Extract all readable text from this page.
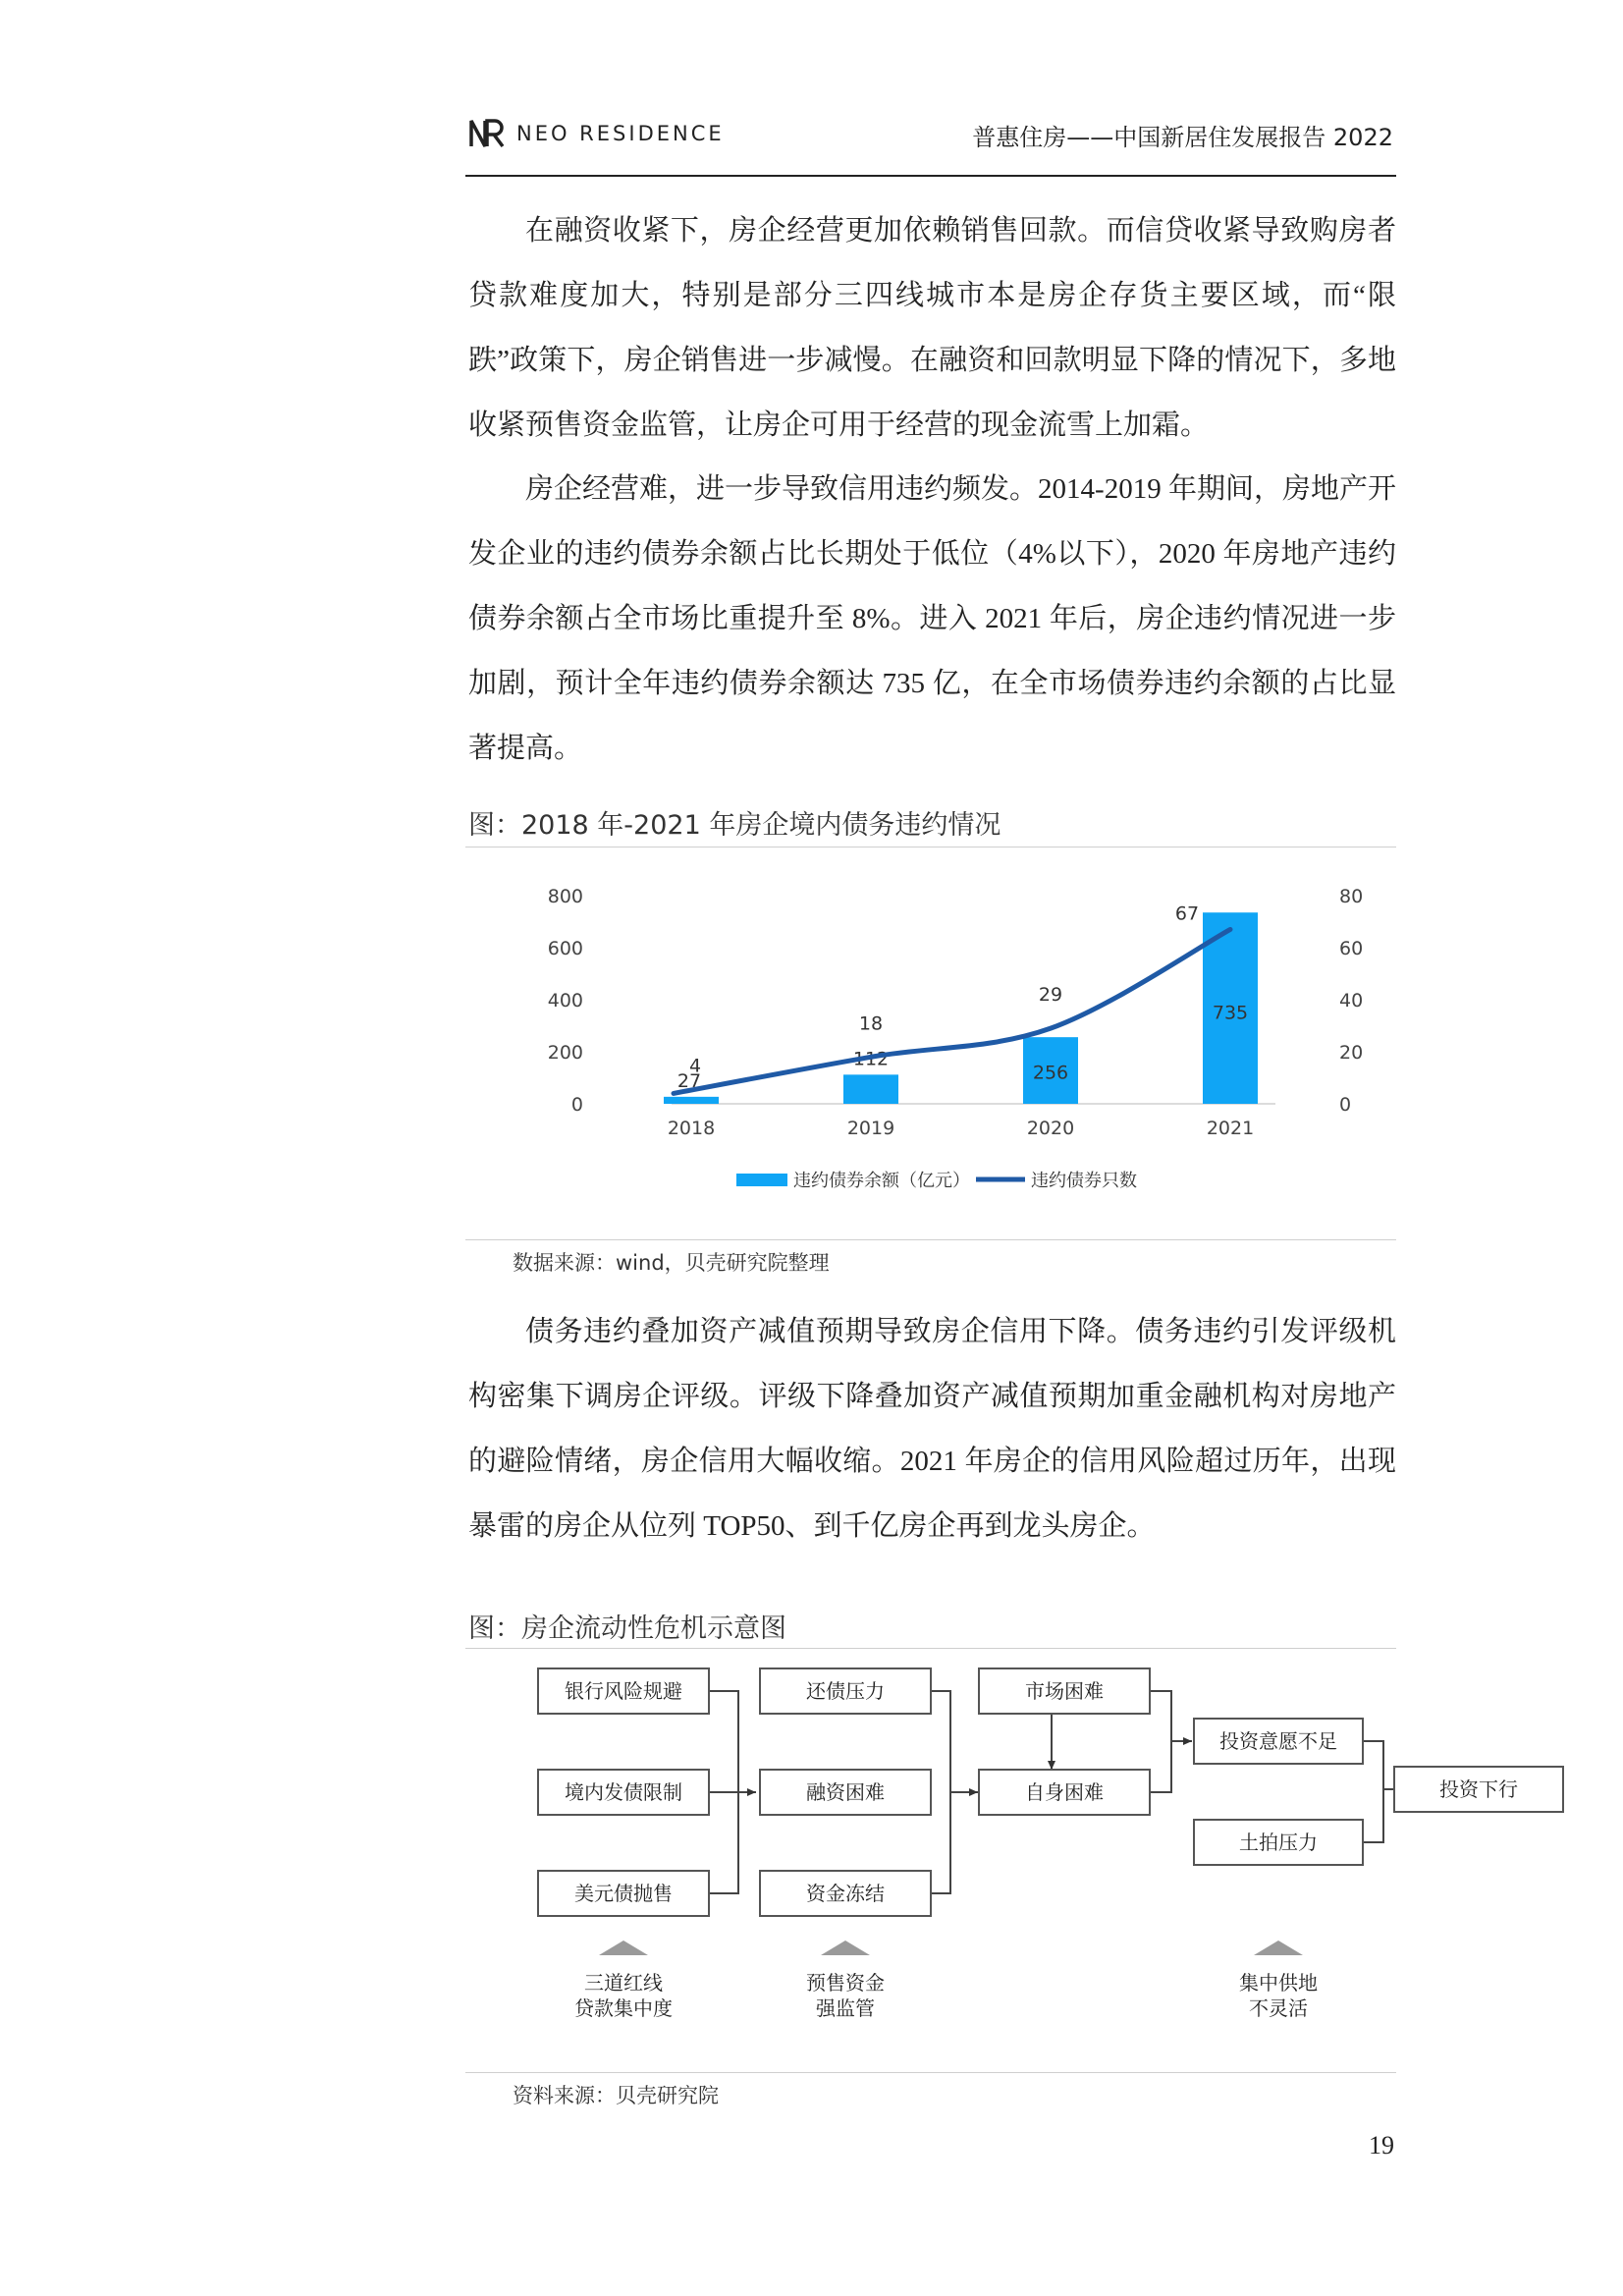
NEO RESIDENCE	普惠住房——中国新居住发展报告 2022

在融资收紧下，房企经营更加依赖销售回款。而信贷收紧导致购房者贷款难度加大，特别是部分三四线城市本是房企存货主要区域，而“限跌”政策下，房企销售进一步减慢。在融资和回款明显下降的情况下，多地收紧预售资金监管，让房企可用于经营的现金流雪上加霜。

房企经营难，进一步导致信用违约频发。2014-2019 年期间，房地产开发企业的违约债券余额占比长期处于低位（4%以下），2020 年房地产违约债券余额占全市场比重提升至 8%。进入 2021 年后，房企违约情况进一步加剧，预计全年违约债券余额达 735 亿，在全市场债券违约余额的占比显著提高。

图：2018 年-2021 年房企境内债务违约情况
0
200
400
600
800
0
20
40
60
80
27
112
256
735
4
18
29
67
2018	2019	2020	2021
违约债券余额（亿元）	违约债券只数
数据来源：wind，贝壳研究院整理

债务违约叠加资产减值预期导致房企信用下降。债务违约引发评级机构密集下调房企评级。评级下降叠加资产减值预期加重金融机构对房地产的避险情绪，房企信用大幅收缩。2021 年房企的信用风险超过历年，出现暴雷的房企从位列 TOP50、到千亿房企再到龙头房企。

图：房企流动性危机示意图
银行风险规避
境内发债限制
美元债抛售
还债压力
融资困难
资金冻结
市场困难
自身困难
投资意愿不足
土拍压力
投资下行
三道红线
贷款集中度
预售资金
强监管
集中供地
不灵活
资料来源：贝壳研究院
19
